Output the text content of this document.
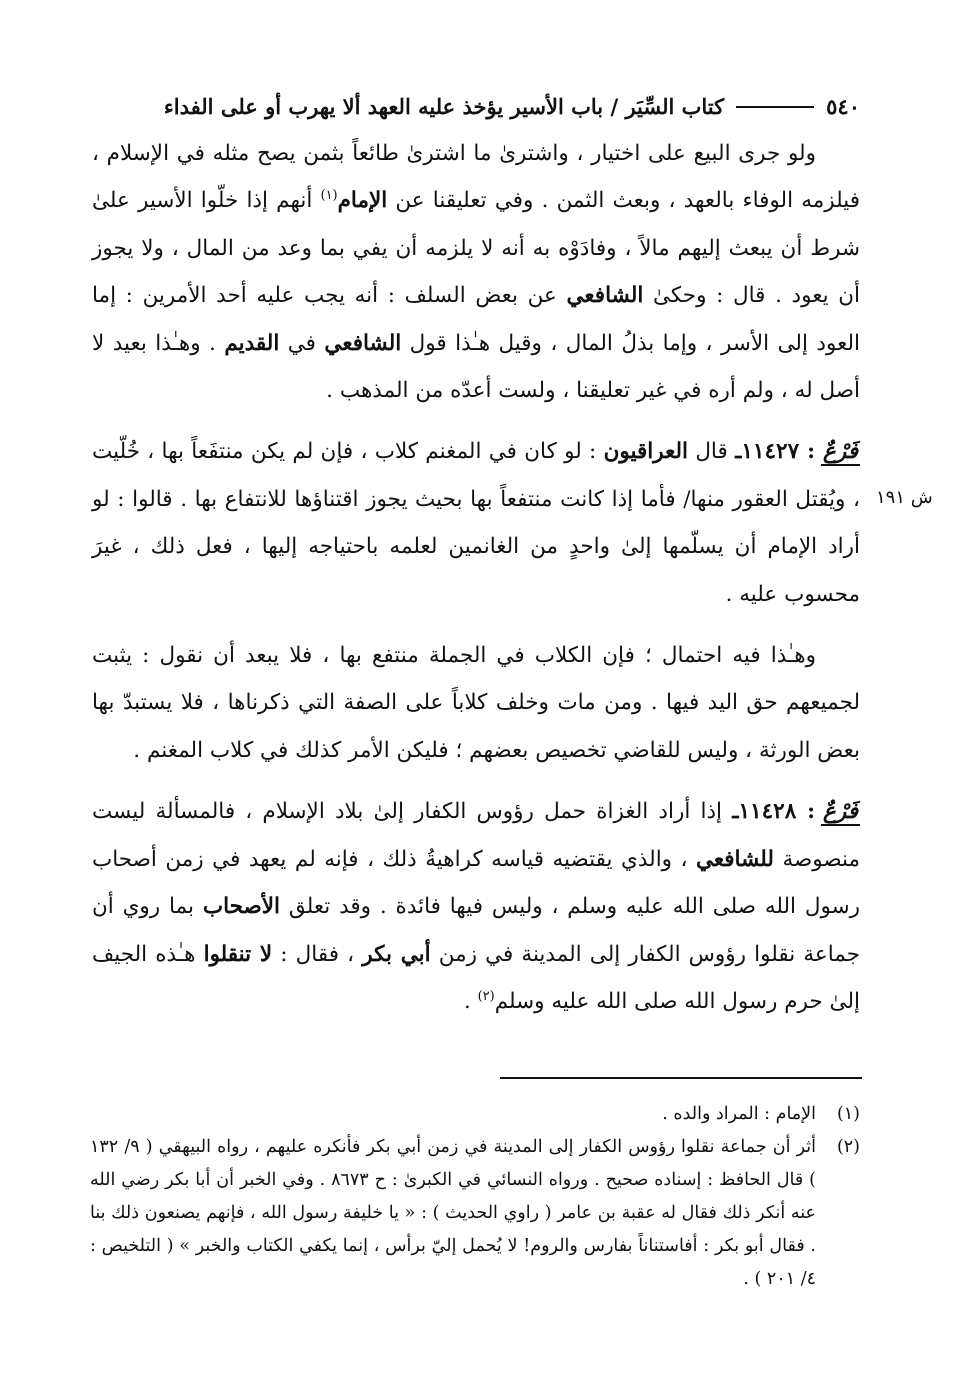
٥٤٠
كتاب السِّيَر / باب الأسير يؤخذ عليه العهد ألا يهرب أو على الفداء
ش ١٩١

ولو جرى البيع على اختيار ، واشترىٰ ما اشترىٰ طائعاً بثمن يصح مثله في الإسلام ، فيلزمه الوفاء بالعهد ، وبعث الثمن . وفي تعليقنا عن الإمام$^{(١)}$ أنهم إذا خلّوا الأسير علىٰ شرط أن يبعث إليهم مالاً ، وفادَوْه به أنه لا يلزمه أن يفي بما وعد من المال ، ولا يجوز أن يعود . قال : وحكىٰ الشافعي عن بعض السلف : أنه يجب عليه أحد الأمرين : إما العود إلى الأسر ، وإما بذلُ المال ، وقيل هـٰذا قول الشافعي في القديم . وهـٰذا بعيد لا أصل له ، ولم أره في غير تعليقنا ، ولست أعدّه من المذهب .

فَرْعٌ: ١١٤٢٧ـ قال العراقيون : لو كان في المغنم كلاب ، فإن لم يكن منتفَعاً بها ، خُلّيت ، ويُقتل العقور منها/ فأما إذا كانت منتفعاً بها بحيث يجوز اقتناؤها للانتفاع بها . قالوا : لو أراد الإمام أن يسلّمها إلىٰ واحدٍ من الغانمين لعلمه باحتياجه إليها ، فعل ذلك ، غيرَ محسوب عليه .

وهـٰذا فيه احتمال ؛ فإن الكلاب في الجملة منتفع بها ، فلا يبعد أن نقول : يثبت لجميعهم حق اليد فيها . ومن مات وخلف كلاباً على الصفة التي ذكرناها ، فلا يستبدّ بها بعض الورثة ، وليس للقاضي تخصيص بعضهم ؛ فليكن الأمر كذلك في كلاب المغنم .

فَرْعٌ: ١١٤٢٨ـ إذا أراد الغزاة حمل رؤوس الكفار إلىٰ بلاد الإسلام ، فالمسألة ليست منصوصة للشافعي ، والذي يقتضيه قياسه كراهيةُ ذلك ، فإنه لم يعهد في زمن أصحاب رسول الله صلى الله عليه وسلم ، وليس فيها فائدة . وقد تعلق الأصحاب بما روي أن جماعة نقلوا رؤوس الكفار إلى المدينة في زمن أبي بكر ، فقال : لا تنقلوا هـٰذه الجيف إلىٰ حرم رسول الله صلى الله عليه وسلم$^{(٢)}$ .

(١)
الإمام : المراد والده .

(٢)
أثر أن جماعة نقلوا رؤوس الكفار إلى المدينة في زمن أبي بكر فأنكره عليهم ، رواه البيهقي ( ٩/ ١٣٢ ) قال الحافظ : إسناده صحيح . ورواه النسائي في الكبرىٰ : ح ٨٦٧٣ . وفي الخبر أن أبا بكر رضي الله عنه أنكر ذلك فقال له عقبة بن عامر ( راوي الحديث ) : « يا خليفة رسول الله ، فإنهم يصنعون ذلك بنا . فقال أبو بكر : أفاستناناً بفارس والروم! لا يُحمل إليّ برأس ، إنما يكفي الكتاب والخبر » ( التلخيص : ٤/ ٢٠١ ) .
